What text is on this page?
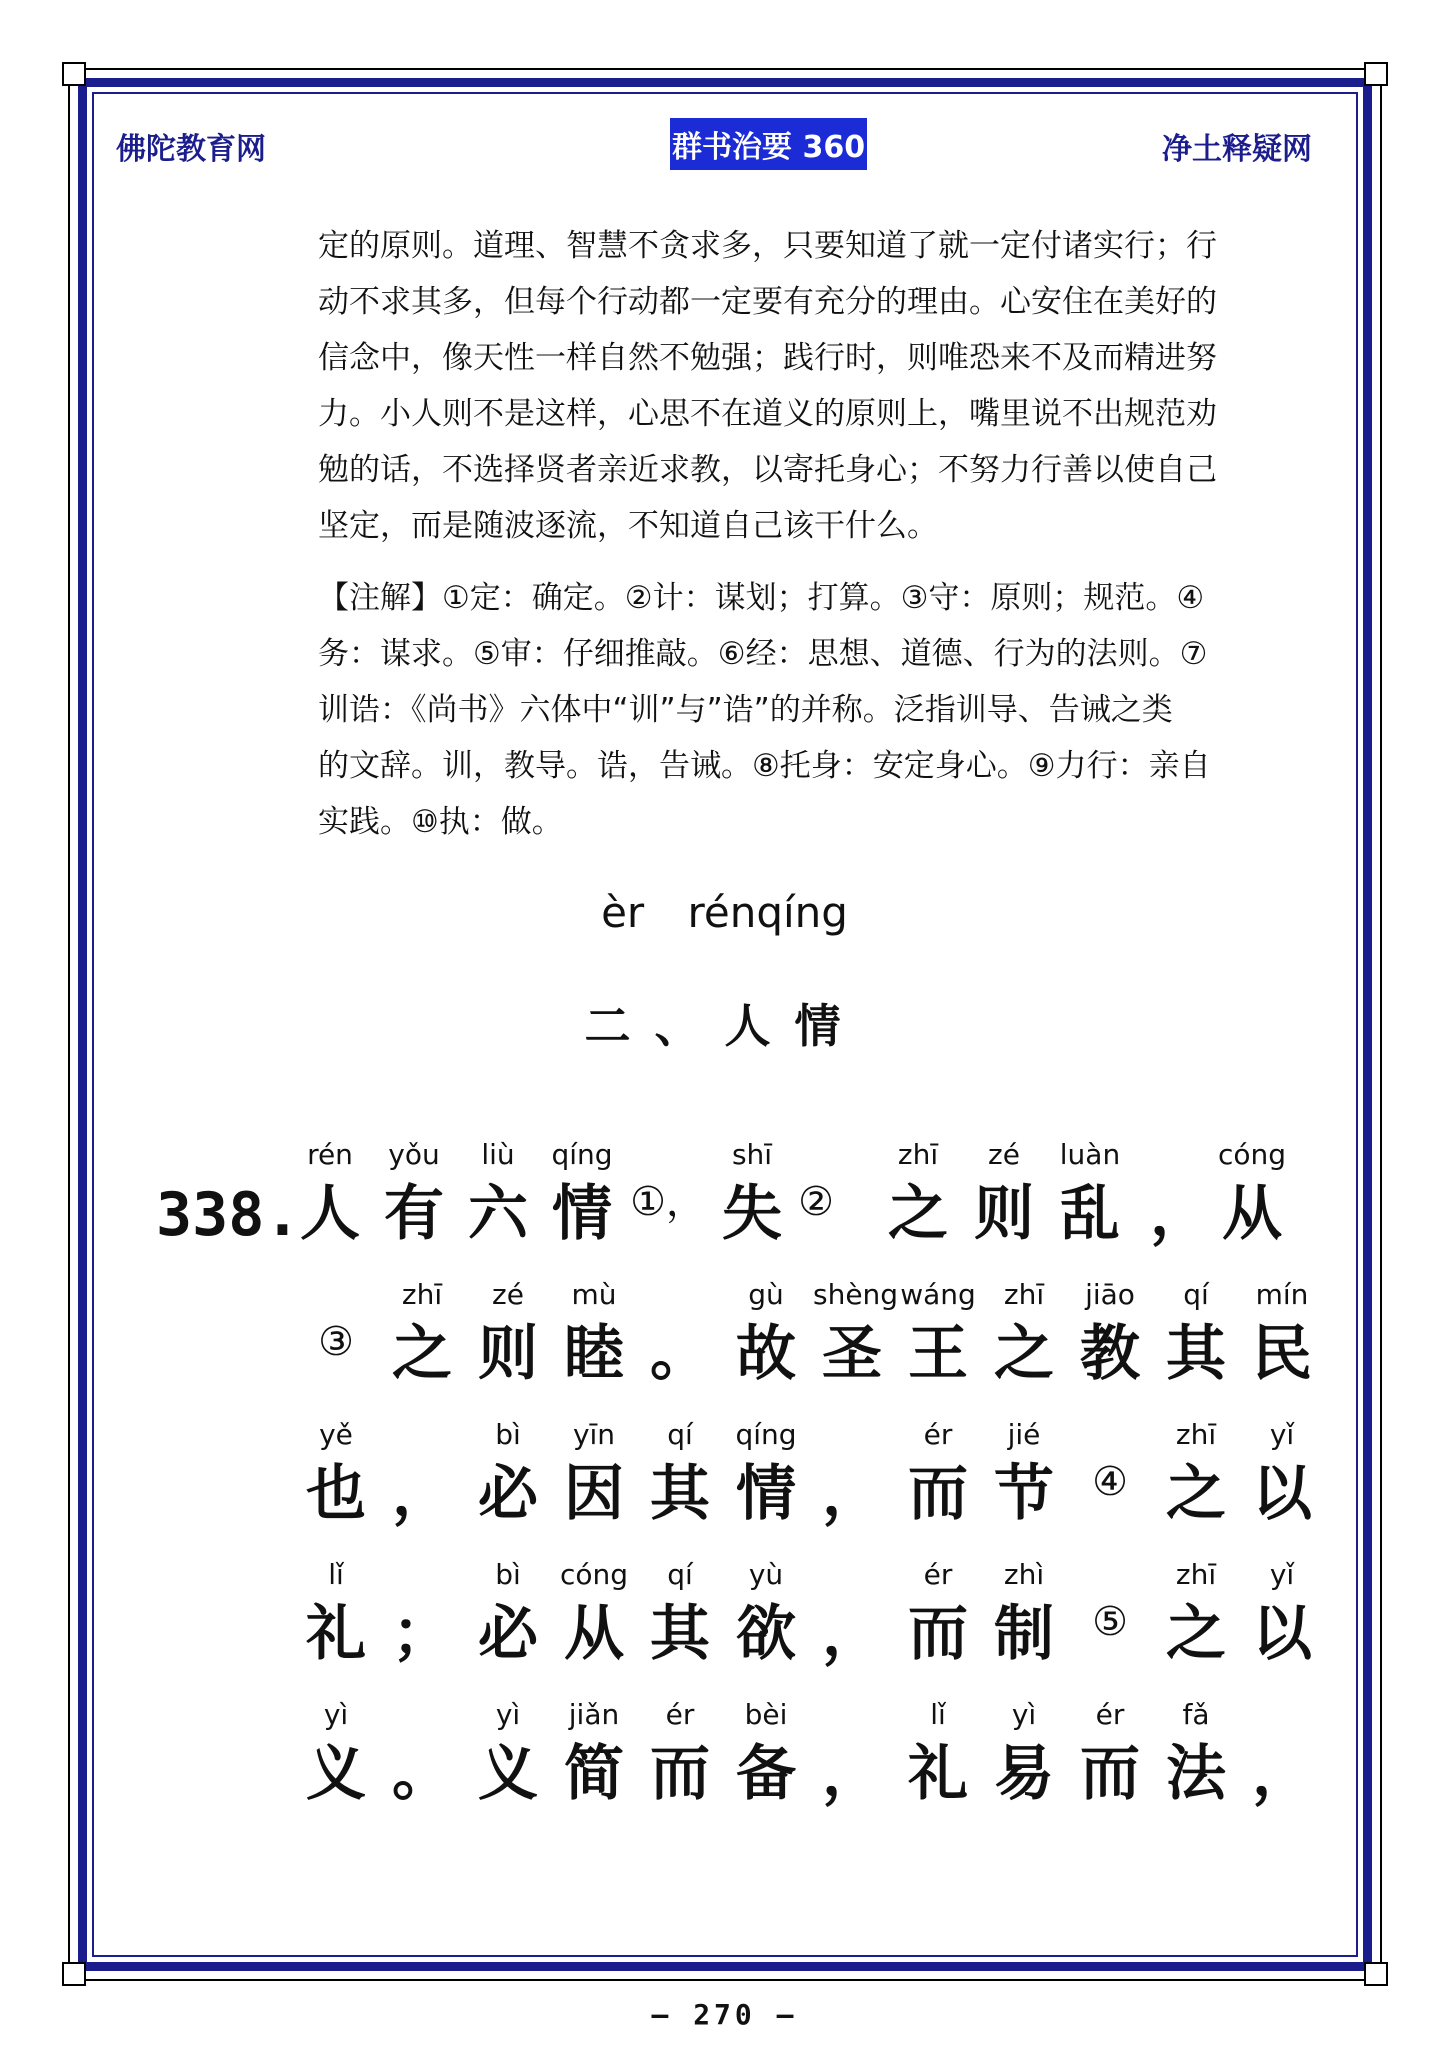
佛陀教育网	群书治要 360	净土释疑网
定的原则。道理、智慧不贪求多，只要知道了就一定付诸实行；行
动不求其多，但每个行动都一定要有充分的理由。心安住在美好的
信念中，像天性一样自然不勉强；践行时，则唯恐来不及而精进努
力。小人则不是这样，心思不在道义的原则上，嘴里说不出规范劝
勉的话，不选择贤者亲近求教，以寄托身心；不努力行善以使自己
坚定，而是随波逐流，不知道自己该干什么。
【注解】①定：确定。②计：谋划；打算。③守：原则；规范。④
务：谋求。⑤审：仔细推敲。⑥经：思想、道德、行为的法则。⑦
训诰：《尚书》六体中“训”与”诰”的并称。泛指训导、告诫之类
的文辞。训，教导。诰，告诫。⑧托身：安定身心。⑨力行：亲自
实践。⑩执：做。
èr rénqíng
二、人情
338.
rén
人
yǒu
有
liù
六
qíng
情 ①，
shī
失 ②
zhī
之
zé
则
luàn
乱 ，
cóng
从
③
zhī
之
zé
则
mù
睦 。
gù
故
shèng
圣
wáng
王
zhī
之
jiāo
教
qí
其
mín
民
yě
也 ，
bì
必
yīn
因
qí
其
qíng
情 ，
ér
而
jié
节 ④
zhī
之
yǐ
以
lǐ
礼 ；
bì
必
cóng
从
qí
其
yù
欲 ，
ér
而
zhì
制 ⑤
zhī
之
yǐ
以
yì
义 。
yì
义
jiǎn
简
ér
而
bèi
备 ，
lǐ
礼
yì
易
ér
而
fǎ
法 ，
– 270 –
